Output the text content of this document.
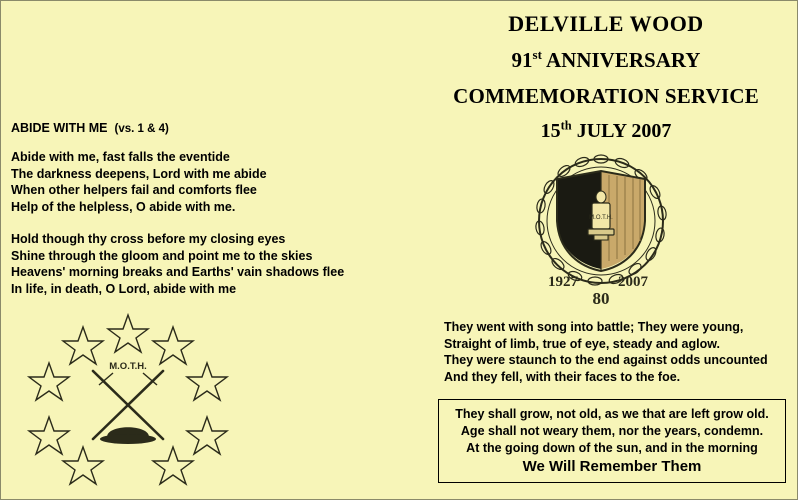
DELVILLE WOOD
91st ANNIVERSARY
COMMEMORATION SERVICE
15th JULY 2007
M.O.T.H.
1927	2007
80
ABIDE WITH ME (vs. 1 & 4)

Abide with me, fast falls the eventide
The darkness deepens, Lord with me abide
When other helpers fail and comforts flee
Help of the helpless, O abide with me.

Hold though thy cross before my closing eyes
Shine through the gloom and point me to the skies
Heavens' morning breaks and Earths' vain shadows flee
In life, in death, O Lord, abide with me

M.O.T.H.
They went with song into battle; They were young,
Straight of limb, true of eye, steady and aglow.
They were staunch to the end against odds uncounted
And they fell, with their faces to the foe.
They shall grow, not old, as we that are left grow old.
Age shall not weary them, nor the years, condemn.
At the going down of the sun, and in the morning
We Will Remember Them
